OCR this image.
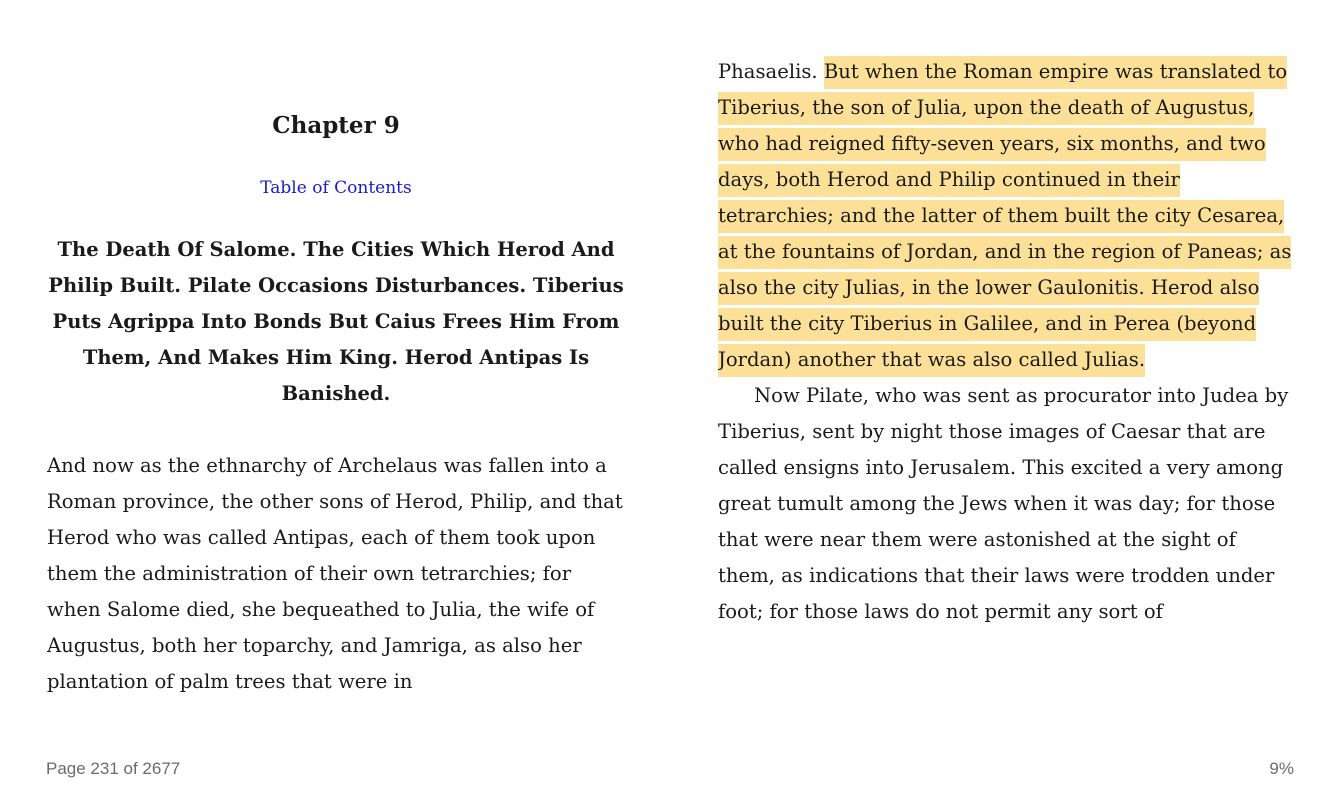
Chapter 9
Table of Contents
The Death Of Salome. The Cities Which Herod And Philip Built. Pilate Occasions Disturbances. Tiberius Puts Agrippa Into Bonds But Caius Frees Him From Them, And Makes Him King. Herod Antipas Is Banished.

And now as the ethnarchy of Archelaus was fallen into a Roman province, the other sons of Herod, Philip, and that Herod who was called Antipas, each of them took upon them the administration of their own tetrarchies; for when Salome died, she bequeathed to Julia, the wife of Augustus, both her toparchy, and Jamriga, as also her plantation of palm trees that were in

Phasaelis. But when the Roman empire was translated to Tiberius, the son of Julia, upon the death of Augustus, who had reigned fifty-seven years, six months, and two days, both Herod and Philip continued in their tetrarchies; and the latter of them built the city Cesarea, at the fountains of Jordan, and in the region of Paneas; as also the city Julias, in the lower Gaulonitis. Herod also built the city Tiberius in Galilee, and in Perea (beyond Jordan) another that was also called Julias.

Now Pilate, who was sent as procurator into Judea by Tiberius, sent by night those images of Caesar that are called ensigns into Jerusalem. This excited a very among great tumult among the Jews when it was day; for those that were near them were astonished at the sight of them, as indications that their laws were trodden under foot; for those laws do not permit any sort of

Page 231 of 2677	9%
